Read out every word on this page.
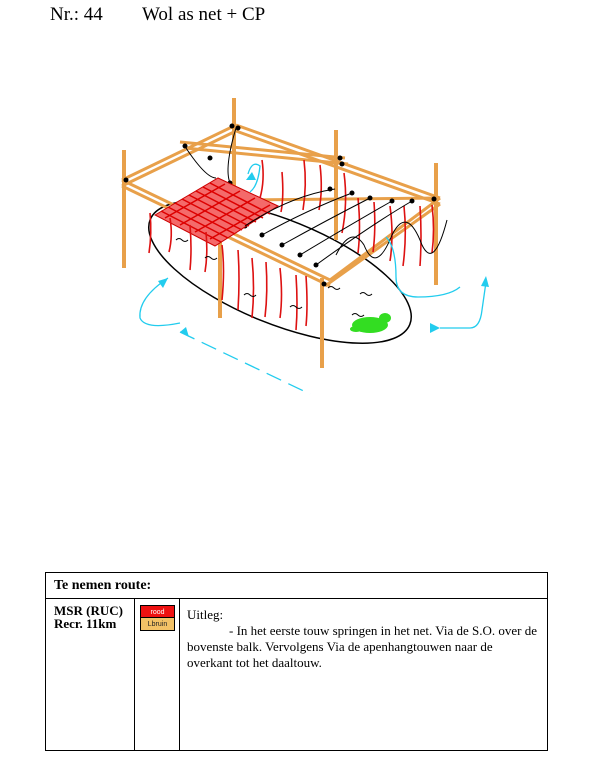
Nr.: 44 Wol as net + CP
Te nemen route:
MSR (RUC)
Recr. 11km
rood
Lbruin
Uitleg:
- In het eerste touw springen in het net. Via de S.O. over de bovenste balk. Vervolgens Via de apenhangtouwen naar de overkant tot het daaltouw.
